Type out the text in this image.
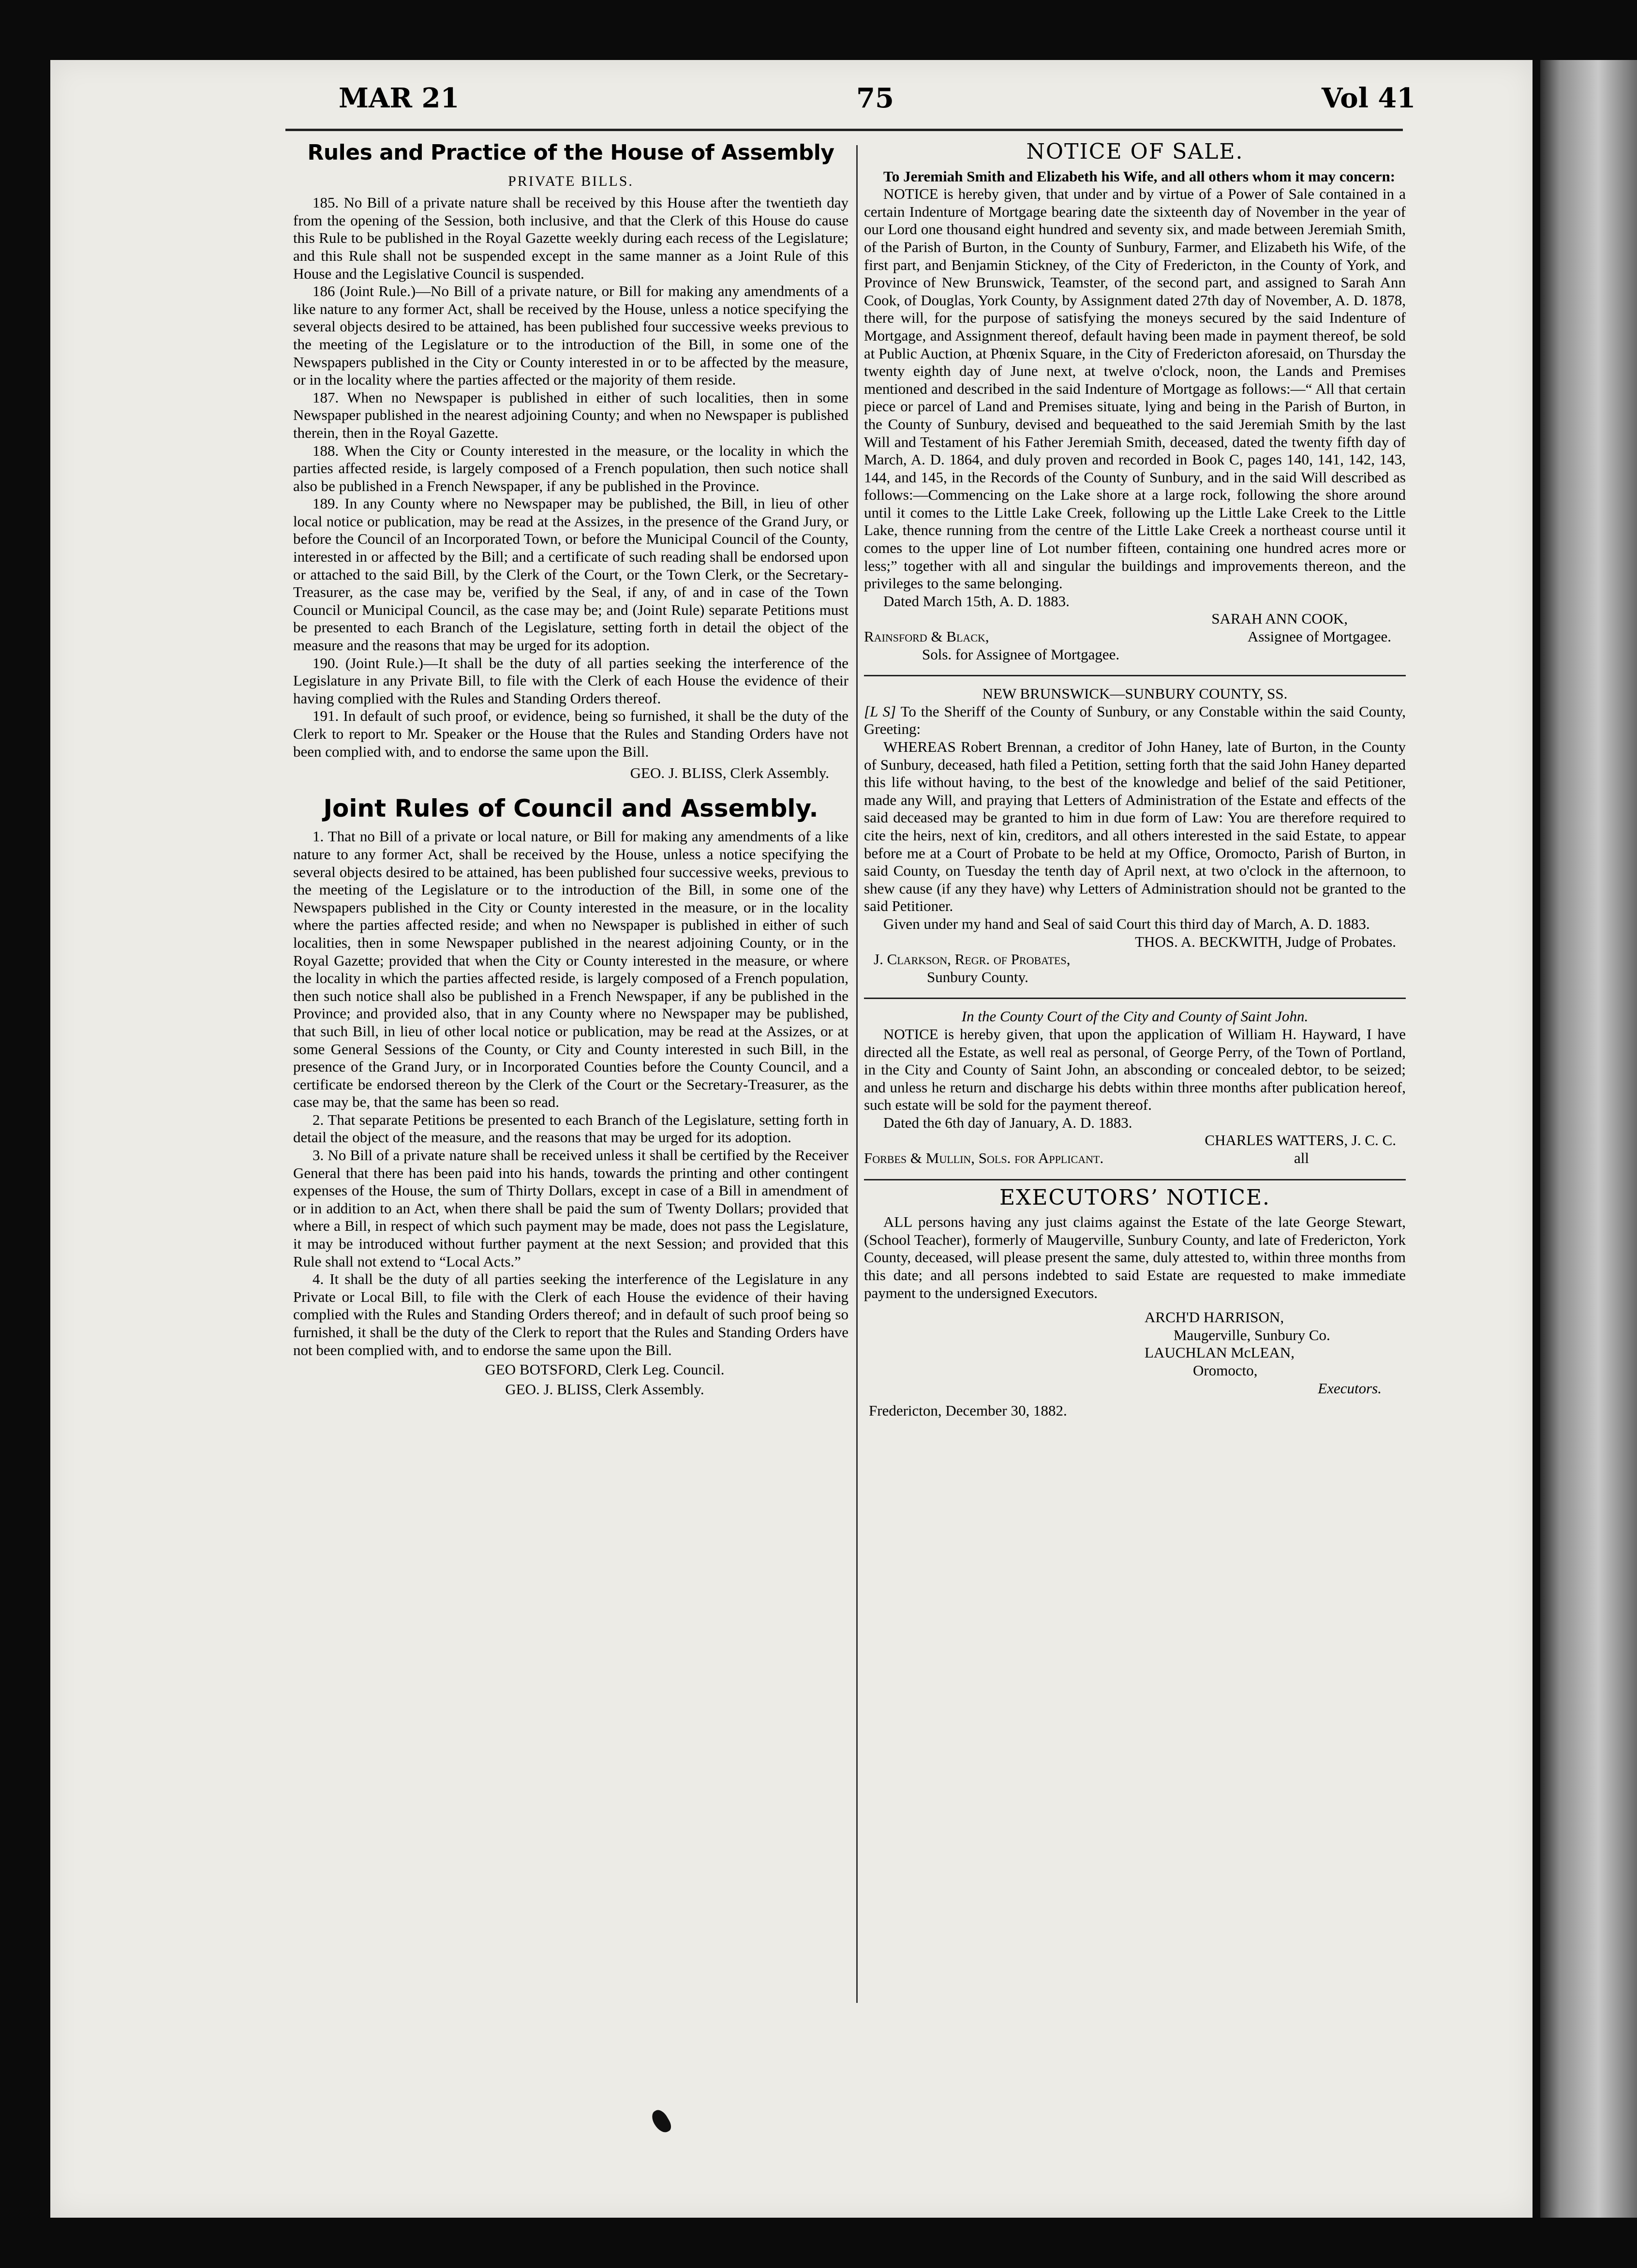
MAR 21	75	Vol 41
Rules and Practice of the House of Assembly
PRIVATE BILLS.

185. No Bill of a private nature shall be received by this House after the twentieth day from the opening of the Session, both inclusive, and that the Clerk of this House do cause this Rule to be published in the Royal Gazette weekly during each recess of the Legislature; and this Rule shall not be suspended except in the same manner as a Joint Rule of this House and the Legislative Council is suspended.

186 (Joint Rule.)—No Bill of a private nature, or Bill for making any amendments of a like nature to any former Act, shall be received by the House, unless a notice specifying the several objects desired to be attained, has been published four successive weeks previous to the meeting of the Legislature or to the introduction of the Bill, in some one of the Newspapers published in the City or County interested in or to be affected by the measure, or in the locality where the parties affected or the majority of them reside.

187. When no Newspaper is published in either of such localities, then in some Newspaper published in the nearest adjoining County; and when no Newspaper is published therein, then in the Royal Gazette.

188. When the City or County interested in the measure, or the locality in which the parties affected reside, is largely composed of a French population, then such notice shall also be published in a French Newspaper, if any be published in the Province.

189. In any County where no Newspaper may be published, the Bill, in lieu of other local notice or publication, may be read at the Assizes, in the presence of the Grand Jury, or before the Council of an Incorporated Town, or before the Municipal Council of the County, interested in or affected by the Bill; and a certificate of such reading shall be endorsed upon or attached to the said Bill, by the Clerk of the Court, or the Town Clerk, or the Secretary-Treasurer, as the case may be, verified by the Seal, if any, of and in case of the Town Council or Municipal Council, as the case may be; and (Joint Rule) separate Petitions must be presented to each Branch of the Legislature, setting forth in detail the object of the measure and the reasons that may be urged for its adoption.

190. (Joint Rule.)—It shall be the duty of all parties seeking the interference of the Legislature in any Private Bill, to file with the Clerk of each House the evidence of their having complied with the Rules and Standing Orders thereof.

191. In default of such proof, or evidence, being so furnished, it shall be the duty of the Clerk to report to Mr. Speaker or the House that the Rules and Standing Orders have not been complied with, and to endorse the same upon the Bill.

GEO. J. BLISS, Clerk Assembly.
Joint Rules of Council and Assembly.

1. That no Bill of a private or local nature, or Bill for making any amendments of a like nature to any former Act, shall be received by the House, unless a notice specifying the several objects desired to be attained, has been published four successive weeks, previous to the meeting of the Legislature or to the introduction of the Bill, in some one of the Newspapers published in the City or County interested in the measure, or in the locality where the parties affected reside; and when no Newspaper is published in either of such localities, then in some Newspaper published in the nearest adjoining County, or in the Royal Gazette; provided that when the City or County interested in the measure, or where the locality in which the parties affected reside, is largely composed of a French population, then such notice shall also be published in a French Newspaper, if any be published in the Province; and provided also, that in any County where no Newspaper may be published, that such Bill, in lieu of other local notice or publication, may be read at the Assizes, or at some General Sessions of the County, or City and County interested in such Bill, in the presence of the Grand Jury, or in Incorporated Counties before the County Council, and a certificate be endorsed thereon by the Clerk of the Court or the Secretary-Treasurer, as the case may be, that the same has been so read.

2. That separate Petitions be presented to each Branch of the Legislature, setting forth in detail the object of the measure, and the reasons that may be urged for its adoption.

3. No Bill of a private nature shall be received unless it shall be certified by the Receiver General that there has been paid into his hands, towards the printing and other contingent expenses of the House, the sum of Thirty Dollars, except in case of a Bill in amendment of or in addition to an Act, when there shall be paid the sum of Twenty Dollars; provided that where a Bill, in respect of which such payment may be made, does not pass the Legislature, it may be introduced without further payment at the next Session; and provided that this Rule shall not extend to “Local Acts.”

4. It shall be the duty of all parties seeking the interference of the Legislature in any Private or Local Bill, to file with the Clerk of each House the evidence of their having complied with the Rules and Standing Orders thereof; and in default of such proof being so furnished, it shall be the duty of the Clerk to report that the Rules and Standing Orders have not been complied with, and to endorse the same upon the Bill.

GEO BOTSFORD, Clerk Leg. Council.
GEO. J. BLISS, Clerk Assembly.
NOTICE OF SALE.

To Jeremiah Smith and Elizabeth his Wife, and all others whom it may concern:

NOTICE is hereby given, that under and by virtue of a Power of Sale contained in a certain Indenture of Mortgage bearing date the sixteenth day of November in the year of our Lord one thousand eight hundred and seventy six, and made between Jeremiah Smith, of the Parish of Burton, in the County of Sunbury, Farmer, and Elizabeth his Wife, of the first part, and Benjamin Stickney, of the City of Fredericton, in the County of York, and Province of New Brunswick, Teamster, of the second part, and assigned to Sarah Ann Cook, of Douglas, York County, by Assignment dated 27th day of November, A. D. 1878, there will, for the purpose of satisfying the moneys secured by the said Indenture of Mortgage, and Assignment thereof, default having been made in payment thereof, be sold at Public Auction, at Phœnix Square, in the City of Fredericton aforesaid, on Thursday the twenty eighth day of June next, at twelve o'clock, noon, the Lands and Premises mentioned and described in the said Indenture of Mortgage as follows:—“ All that certain piece or parcel of Land and Premises situate, lying and being in the Parish of Burton, in the County of Sunbury, devised and bequeathed to the said Jeremiah Smith by the last Will and Testament of his Father Jeremiah Smith, deceased, dated the twenty fifth day of March, A. D. 1864, and duly proven and recorded in Book C, pages 140, 141, 142, 143, 144, and 145, in the Records of the County of Sunbury, and in the said Will described as follows:—Commencing on the Lake shore at a large rock, following the shore around until it comes to the Little Lake Creek, following up the Little Lake Creek to the Little Lake, thence running from the centre of the Little Lake Creek a northeast course until it comes to the upper line of Lot number fifteen, containing one hundred acres more or less;” together with all and singular the buildings and improvements thereon, and the privileges to the same belonging.

Dated March 15th, A. D. 1883.

SARAH ANN COOK,
Rainsford & Black,	Assignee of Mortgagee.
Sols. for Assignee of Mortgagee.
NEW BRUNSWICK—SUNBURY COUNTY, SS.

[L S] To the Sheriff of the County of Sunbury, or any Constable within the said County, Greeting:

WHEREAS Robert Brennan, a creditor of John Haney, late of Burton, in the County of Sunbury, deceased, hath filed a Petition, setting forth that the said John Haney departed this life without having, to the best of the knowledge and belief of the said Petitioner, made any Will, and praying that Letters of Administration of the Estate and effects of the said deceased may be granted to him in due form of Law: You are therefore required to cite the heirs, next of kin, creditors, and all others interested in the said Estate, to appear before me at a Court of Probate to be held at my Office, Oromocto, Parish of Burton, in said County, on Tuesday the tenth day of April next, at two o'clock in the afternoon, to shew cause (if any they have) why Letters of Administration should not be granted to the said Petitioner.

Given under my hand and Seal of said Court this third day of March, A. D. 1883.

THOS. A. BECKWITH, Judge of Probates.
J. Clarkson, Regr. of Probates,
Sunbury County.
In the County Court of the City and County of Saint John.

NOTICE is hereby given, that upon the application of William H. Hayward, I have directed all the Estate, as well real as personal, of George Perry, of the Town of Portland, in the City and County of Saint John, an absconding or concealed debtor, to be seized; and unless he return and discharge his debts within three months after publication hereof, such estate will be sold for the payment thereof.

Dated the 6th day of January, A. D. 1883.

CHARLES WATTERS, J. C. C.
Forbes & Mullin, Sols. for Applicant.	all
EXECUTORS’ NOTICE.

ALL persons having any just claims against the Estate of the late George Stewart, (School Teacher), formerly of Maugerville, Sunbury County, and late of Fredericton, York County, deceased, will please present the same, duly attested to, within three months from this date; and all persons indebted to said Estate are requested to make immediate payment to the undersigned Executors.

ARCH'D HARRISON,
Maugerville, Sunbury Co.
LAUCHLAN McLEAN,
Oromocto,
Executors.
Fredericton, December 30, 1882.
